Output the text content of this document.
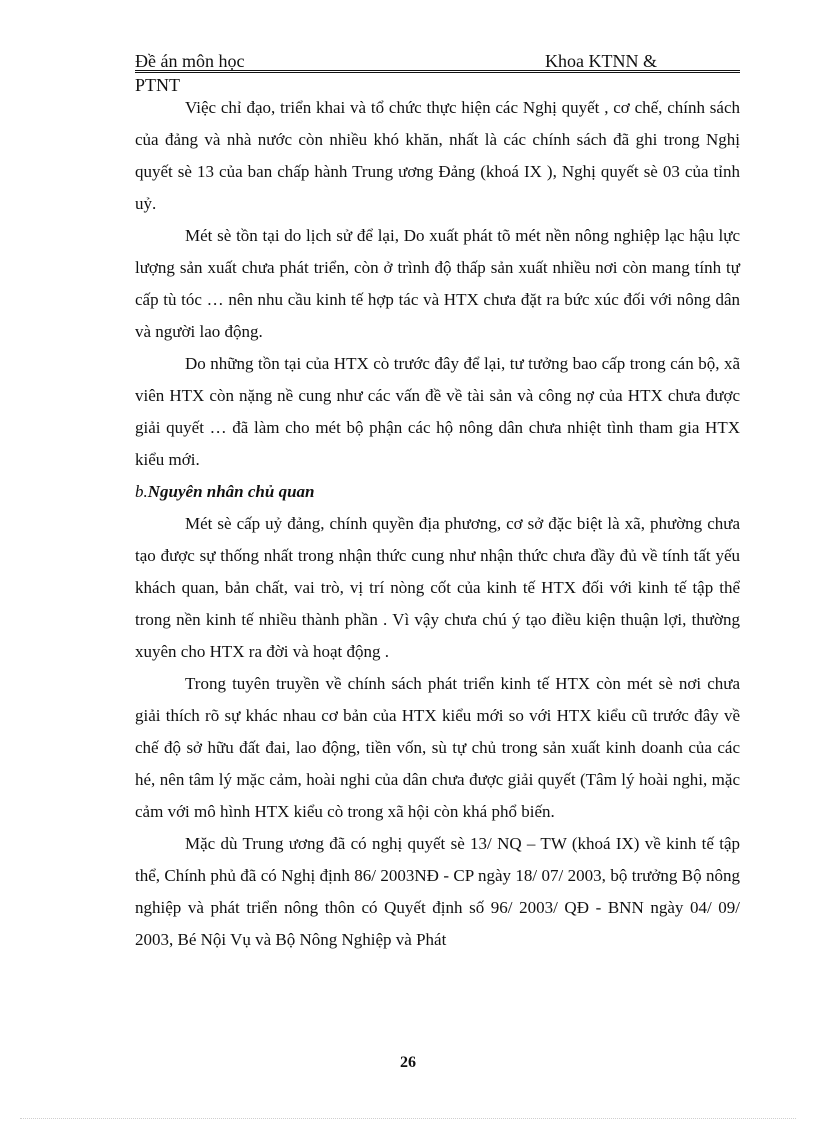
Đề án môn học	Khoa KTNN &
PTNT

Việc chỉ đạo, triển khai và tổ chức thực hiện các Nghị quyết , cơ chế, chính sách của đảng và nhà nước còn nhiều khó khăn, nhất là các chính sách đã ghi trong Nghị quyết sè 13 của ban chấp hành Trung ương Đảng (khoá IX ), Nghị quyết sè 03 của tỉnh uỷ.

Mét sè tồn tại do lịch sử để lại, Do xuất phát tõ mét nền nông nghiệp lạc hậu lực lượng sản xuất chưa phát triển, còn ở trình độ thấp sản xuất nhiều nơi còn mang tính tự cấp tù tóc … nên nhu cầu kinh tế hợp tác và HTX chưa đặt ra bức xúc đối với nông dân và người lao động.

Do những tồn tại của HTX cò trước đây để lại, tư tưởng bao cấp trong cán bộ, xã viên HTX còn nặng nề cung như các vấn đề về tài sản và công nợ của HTX chưa được giải quyết … đã làm cho mét bộ phận các hộ nông dân chưa nhiệt tình tham gia HTX kiểu mới.

b.Nguyên nhân chủ quan

Mét sè cấp uỷ đảng, chính quyền địa phương, cơ sở đặc biệt là xã, phường chưa tạo được sự thống nhất trong nhận thức cung như nhận thức chưa đầy đủ về tính tất yếu khách quan, bản chất, vai trò, vị trí nòng cốt của kinh tế HTX đối với kinh tế tập thể trong nền kinh tế nhiều thành phần . Vì vậy chưa chú ý tạo điều kiện thuận lợi, thường xuyên cho HTX ra đời và hoạt động .

Trong tuyên truyền về chính sách phát triển kinh tế HTX còn mét sè nơi chưa giải thích rõ sự khác nhau cơ bản của HTX kiểu mới so với HTX kiểu cũ trước đây về chế độ sở hữu đất đai, lao động, tiền vốn, sù tự chủ trong sản xuất kinh doanh của các hé, nên tâm lý mặc cảm, hoài nghi của dân chưa được giải quyết (Tâm lý hoài nghi, mặc cảm với mô hình HTX kiểu cò trong xã hội còn khá phổ biến.

Mặc dù Trung ương đã có nghị quyết sè 13/ NQ – TW (khoá IX) về kinh tế tập thể, Chính phủ đã có Nghị định 86/ 2003NĐ - CP ngày 18/ 07/ 2003, bộ trưởng Bộ nông nghiệp và phát triển nông thôn có Quyết định số 96/ 2003/ QĐ - BNN ngày 04/ 09/ 2003, Bé Nội Vụ và Bộ Nông Nghiệp và Phát

26
